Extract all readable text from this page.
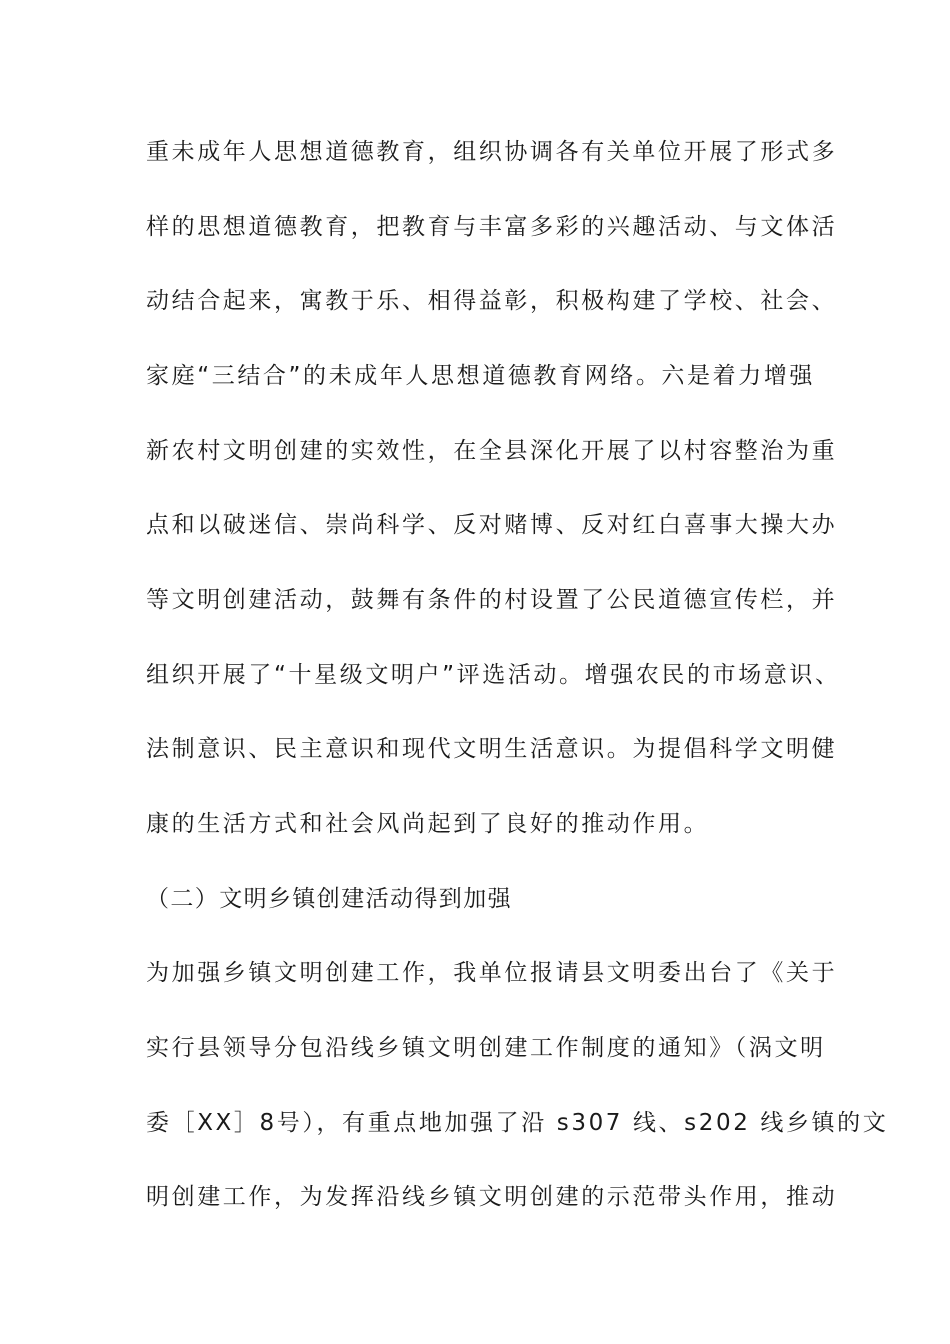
重未成年人思想道德教育，组织协调各有关单位开展了形式多
样的思想道德教育，把教育与丰富多彩的兴趣活动、与文体活
动结合起来，寓教于乐、相得益彰，积极构建了学校、社会、
家庭“三结合”的未成年人思想道德教育网络。六是着力增强
新农村文明创建的实效性，在全县深化开展了以村容整治为重
点和以破迷信、崇尚科学、反对赌博、反对红白喜事大操大办
等文明创建活动，鼓舞有条件的村设置了公民道德宣传栏，并
组织开展了“十星级文明户”评选活动。增强农民的市场意识、
法制意识、民主意识和现代文明生活意识。为提倡科学文明健
康的生活方式和社会风尚起到了良好的推动作用。
（二）文明乡镇创建活动得到加强
为加强乡镇文明创建工作，我单位报请县文明委出台了《关于
实行县领导分包沿线乡镇文明创建工作制度的通知》（涡文明
委［XX］8号），有重点地加强了沿 s307 线、s202 线乡镇的文
明创建工作，为发挥沿线乡镇文明创建的示范带头作用，推动
